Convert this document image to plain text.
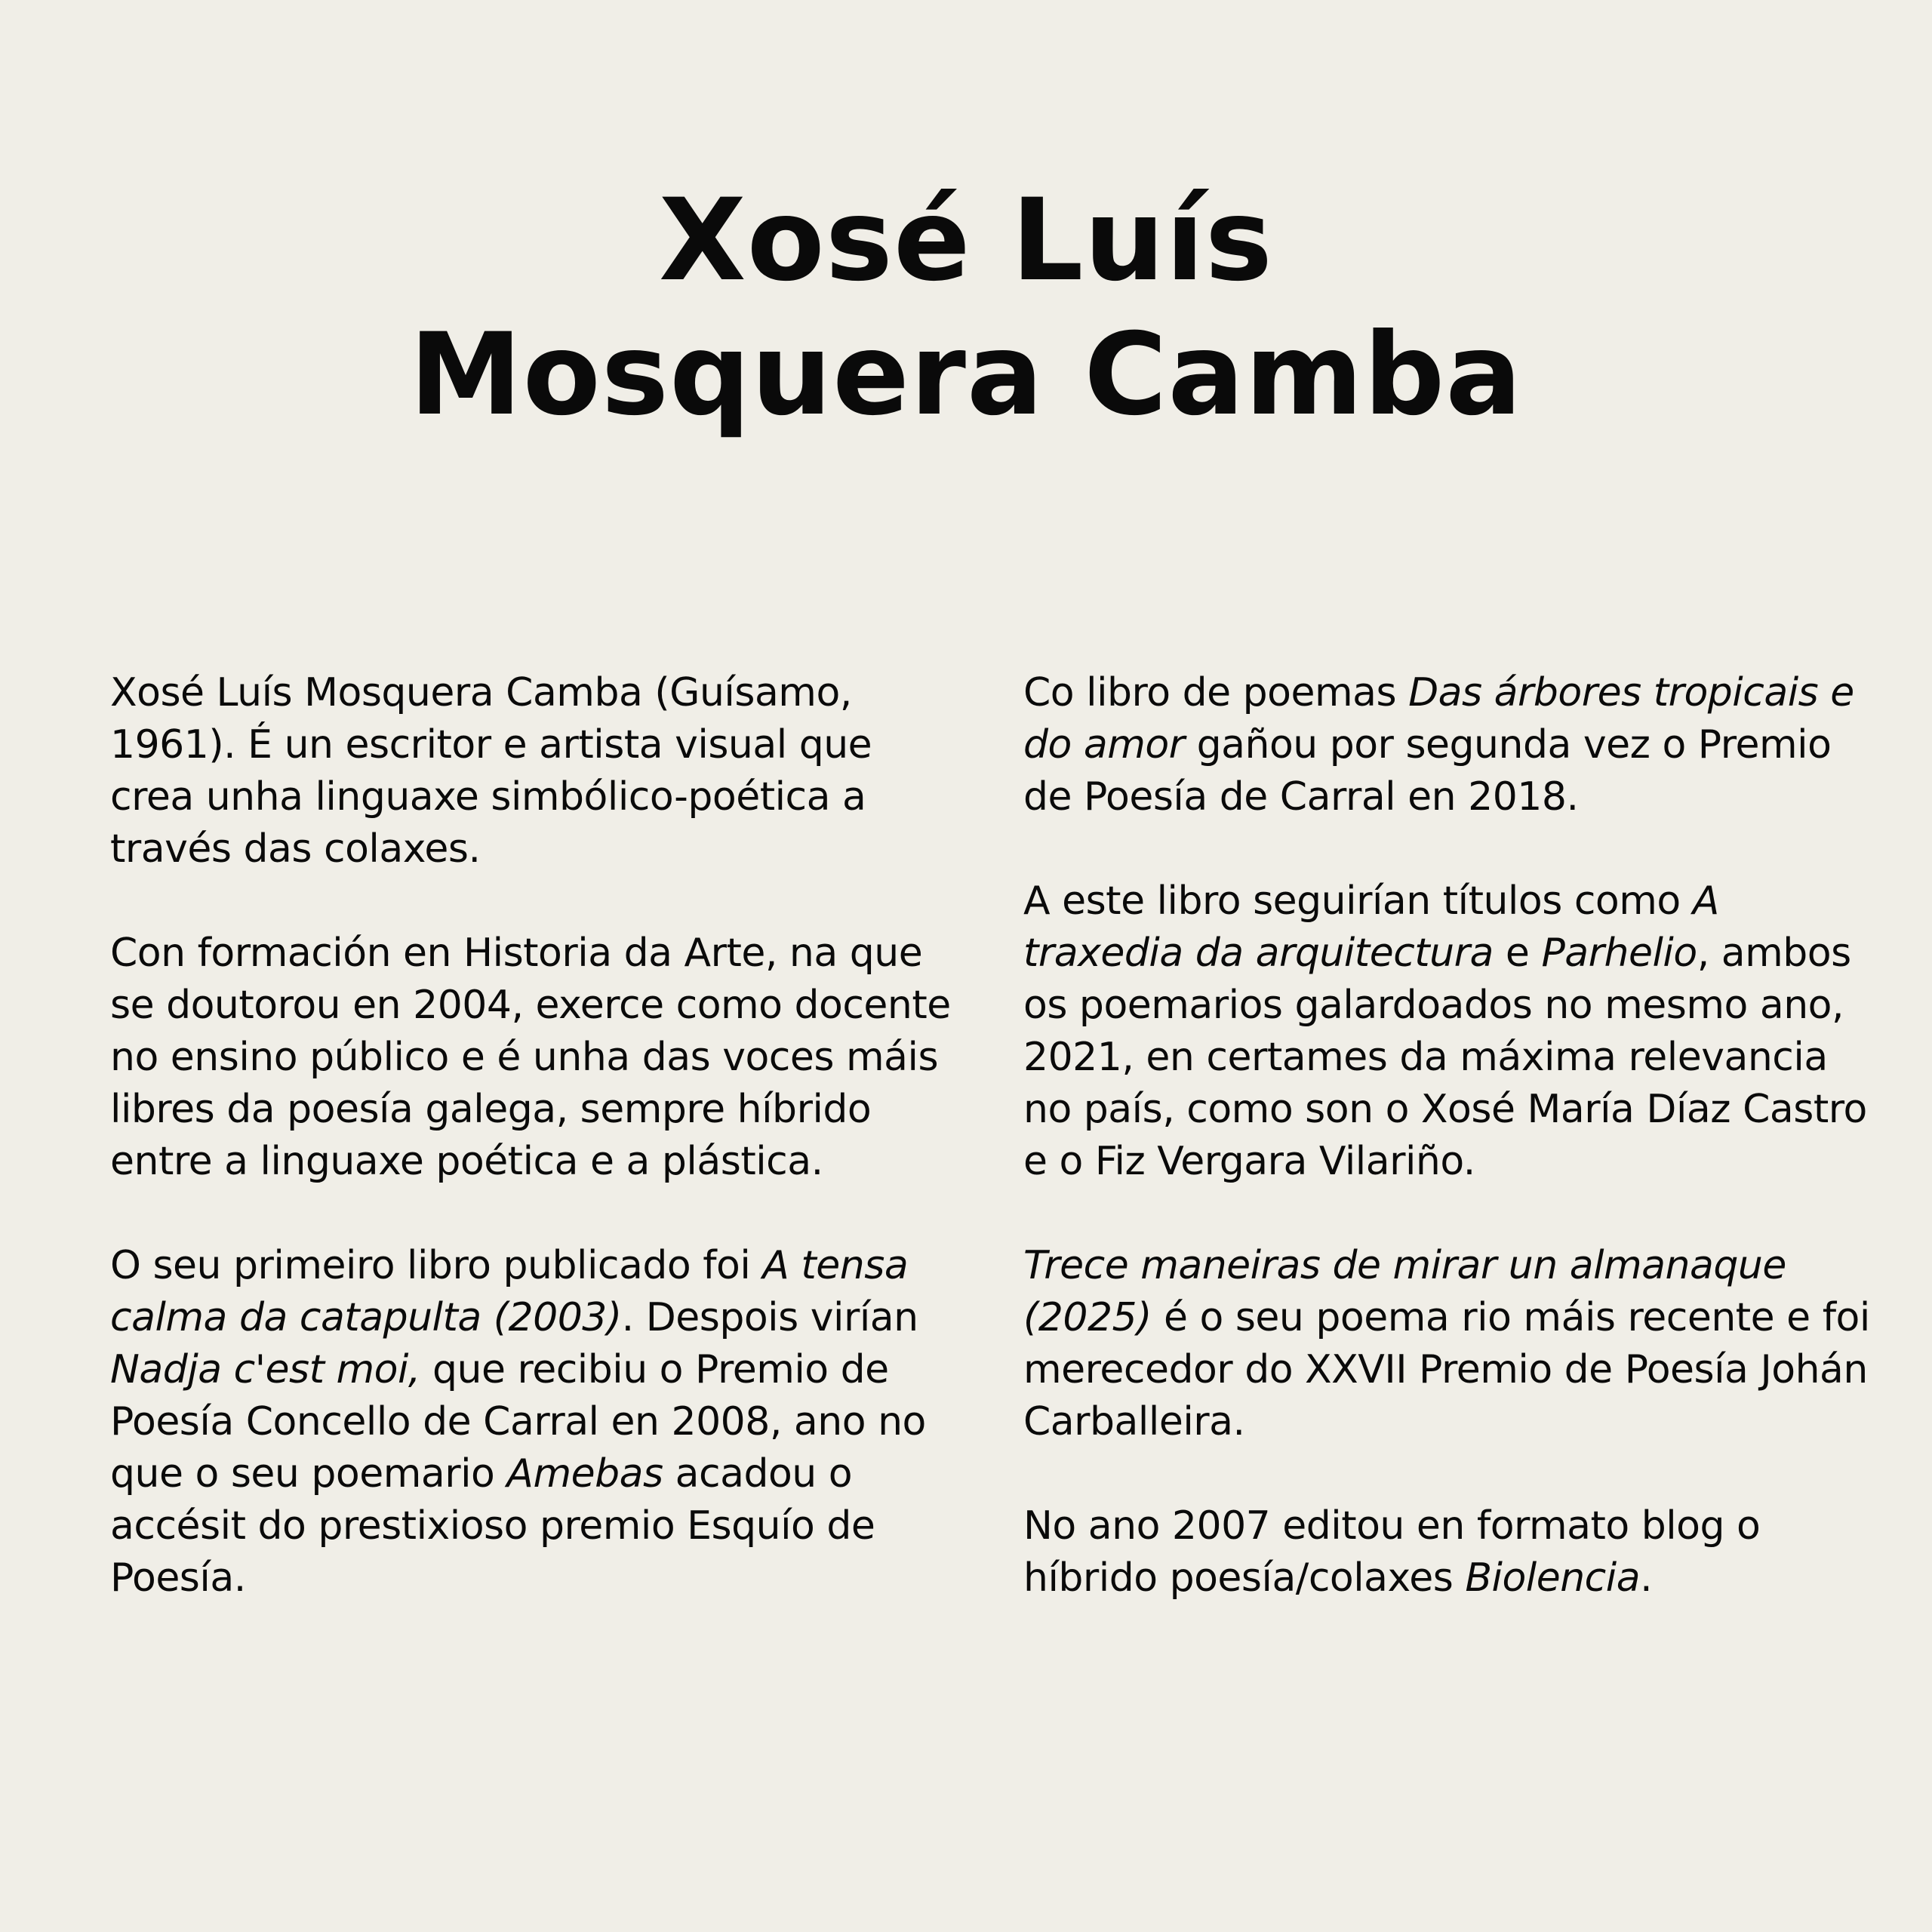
Xosé Luís
Mosquera Camba

Xosé Luís Mosquera Camba (Guísamo, 1961). É un escritor e artista visual que crea unha linguaxe simbólico-poética a través das colaxes.

Con formación en Historia da Arte, na que se doutorou en 2004, exerce como docente no ensino público e é unha das voces máis libres da poesía galega, sempre híbrido entre a linguaxe poética e a plástica.

O seu primeiro libro publicado foi A tensa calma da catapulta (2003). Despois virían Nadja c'est moi, que recibiu o Premio de Poesía Concello de Carral en 2008, ano no que o seu poemario Amebas acadou o accésit do prestixioso premio Esquío de Poesía.

Co libro de poemas Das árbores tropicais e do amor gañou por segunda vez o Premio de Poesía de Carral en 2018.

A este libro seguirían títulos como A traxedia da arquitectura e Parhelio, ambos os poemarios galardoados no mesmo ano, 2021, en certames da máxima relevancia no país, como son o Xosé María Díaz Castro e o Fiz Vergara Vilariño.

Trece maneiras de mirar un almanaque (2025) é o seu poema rio máis recente e foi merecedor do XXVII Premio de Poesía Johán Carballeira.

No ano 2007 editou en formato blog o híbrido poesía/colaxes Biolencia.
